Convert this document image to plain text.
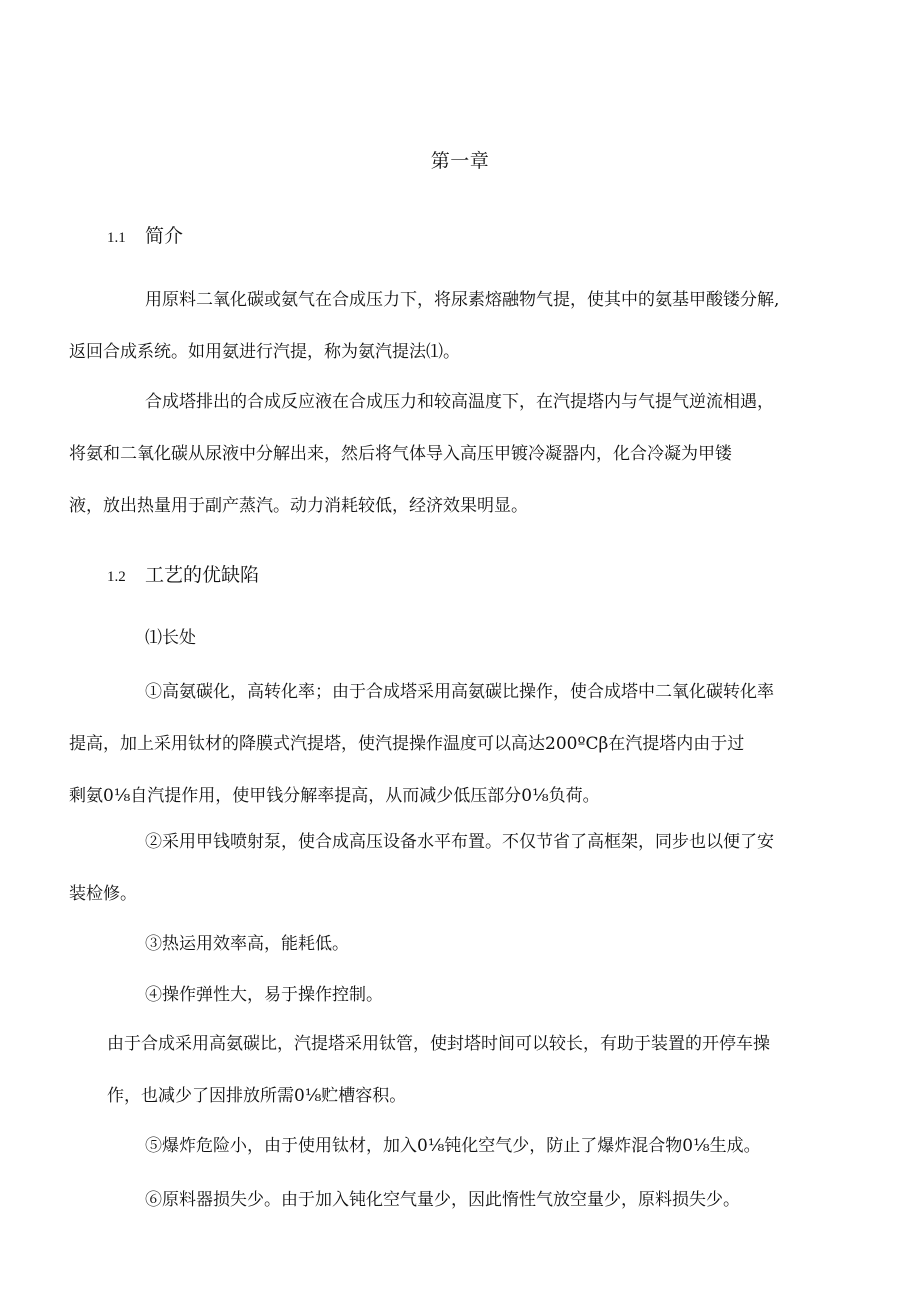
第一章
1.1 简介

用原料二氧化碳或氨气在合成压力下，将尿素熔融物气提，使其中的氨基甲酸镂分解,
返回合成系统。如用氨进行汽提，称为氨汽提法⑴。

合成塔排出的合成反应液在合成压力和较高温度下，在汽提塔内与气提气逆流相遇，
将氨和二氧化碳从尿液中分解出来，然后将气体导入高压甲镀冷凝器内，化合冷凝为甲镂
液，放出热量用于副产蒸汽。动力消耗较低，经济效果明显。

1.2 工艺的优缺陷

⑴长处

①高氨碳化，高转化率；由于合成塔采用高氨碳比操作，使合成塔中二氧化碳转化率
提高，加上采用钛材的降膜式汽提塔，使汽提操作温度可以高达200ºCβ在汽提塔内由于过
剩氨0⅛自汽提作用，使甲钱分解率提高，从而减少低压部分0⅛负荷。

②采用甲钱喷射泵，使合成高压设备水平布置。不仅节省了高框架，同步也以便了安
装检修。

③热运用效率高，能耗低。

④操作弹性大，易于操作控制。

由于合成采用高氨碳比，汽提塔采用钛管，使封塔时间可以较长，有助于装置的开停车操
作，也减少了因排放所需0⅛贮槽容积。

⑤爆炸危险小，由于使用钛材，加入0⅛钝化空气少，防止了爆炸混合物0⅛生成。

⑥原料器损失少。由于加入钝化空气量少，因此惰性气放空量少，原料损失少。
